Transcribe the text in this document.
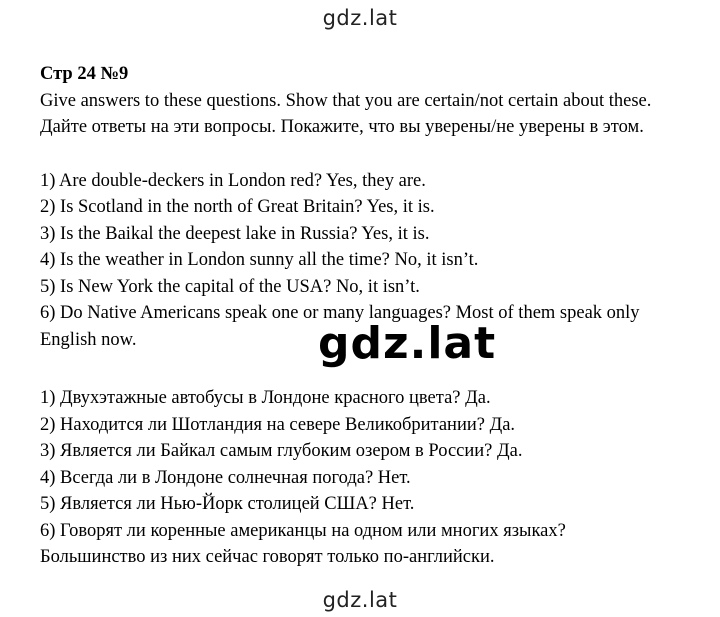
gdz.lat
Стр 24 №9
Give answers to these questions. Show that you are certain/not certain about these.
Дайте ответы на эти вопросы. Покажите, что вы уверены/не уверены в этом.
1) Are double-deckers in London red? Yes, they are.
2) Is Scotland in the north of Great Britain? Yes, it is.
3) Is the Baikal the deepest lake in Russia? Yes, it is.
4) Is the weather in London sunny all the time? No, it isn’t.
5) Is New York the capital of the USA? No, it isn’t.
6) Do Native Americans speak one or many languages? Most of them speak only
English now.
1) Двухэтажные автобусы в Лондоне красного цвета? Да.
2) Находится ли Шотландия на севере Великобритании? Да.
3) Является ли Байкал самым глубоким озером в России? Да.
4) Всегда ли в Лондоне солнечная погода? Нет.
5) Является ли Нью-Йорк столицей США? Нет.
6) Говорят ли коренные американцы на одном или многих языках?
Большинство из них сейчас говорят только по-английски.
gdz.lat
gdz.lat
